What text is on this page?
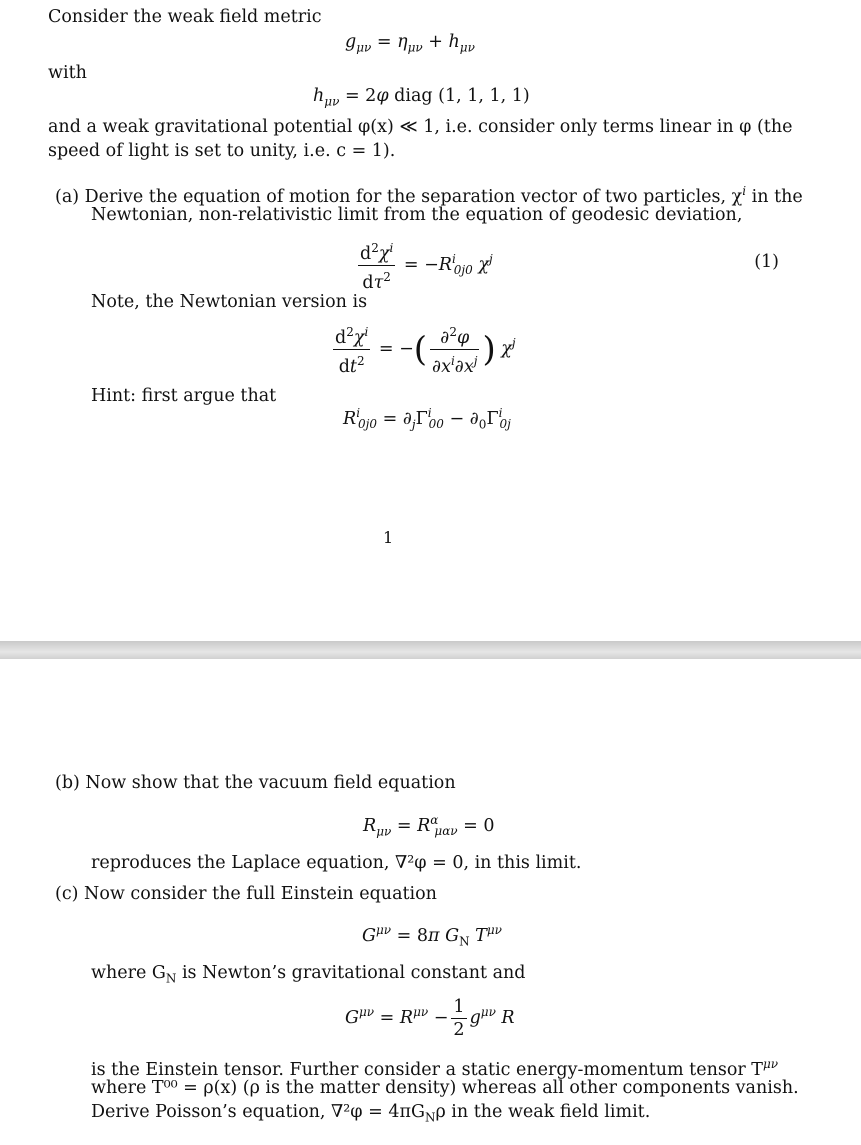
Consider the weak field metric
$g_{\mu\nu} = \eta_{\mu\nu} + h_{\mu\nu}$
with
$h_{\mu\nu} = 2\varphi$ diag (1, 1, 1, 1)
and a weak gravitational potential φ(x) ≪ 1, i.e. consider only terms linear in φ (the
speed of light is set to unity, i.e. c = 1).
(a) Derive the equation of motion for the separation vector of two particles, $\chi^i$ in the
Newtonian, non-relativistic limit from the equation of geodesic deviation,
$\frac{d^2\chi^i}{d\tau^2} = -R^i_{0j0}$ $\chi^j$	(1)
Note, the Newtonian version is
$\frac{d^2\chi^i}{dt^2}$ = −( $\frac{\partial^2\varphi}{\partial x^i\partial x^j}$ ) $\chi^j$
Hint: first argue that
$R^i_{0j0} = \partial_j\Gamma^i_{00} - \partial_0\Gamma^i_{0j}$
1
(b) Now show that the vacuum field equation
$R_{\mu\nu} = R^\alpha_{\mu\alpha\nu} = 0$
reproduces the Laplace equation, ∇²φ = 0, in this limit.
(c) Now consider the full Einstein equation
$G^{\mu\nu} = 8\pi$ $G_N$ $T^{\mu\nu}$
where $G_N$ is Newton’s gravitational constant and
$G^{\mu\nu} = R^{\mu\nu} - \frac{1}{2} g^{\mu\nu}$ R
is the Einstein tensor. Further consider a static energy-momentum tensor $T^{\mu\nu}$
where T⁰⁰ = ρ(x) (ρ is the matter density) whereas all other components vanish.
Derive Poisson’s equation, $\nabla^2\varphi = 4\pi G_N\rho$ in the weak field limit.
